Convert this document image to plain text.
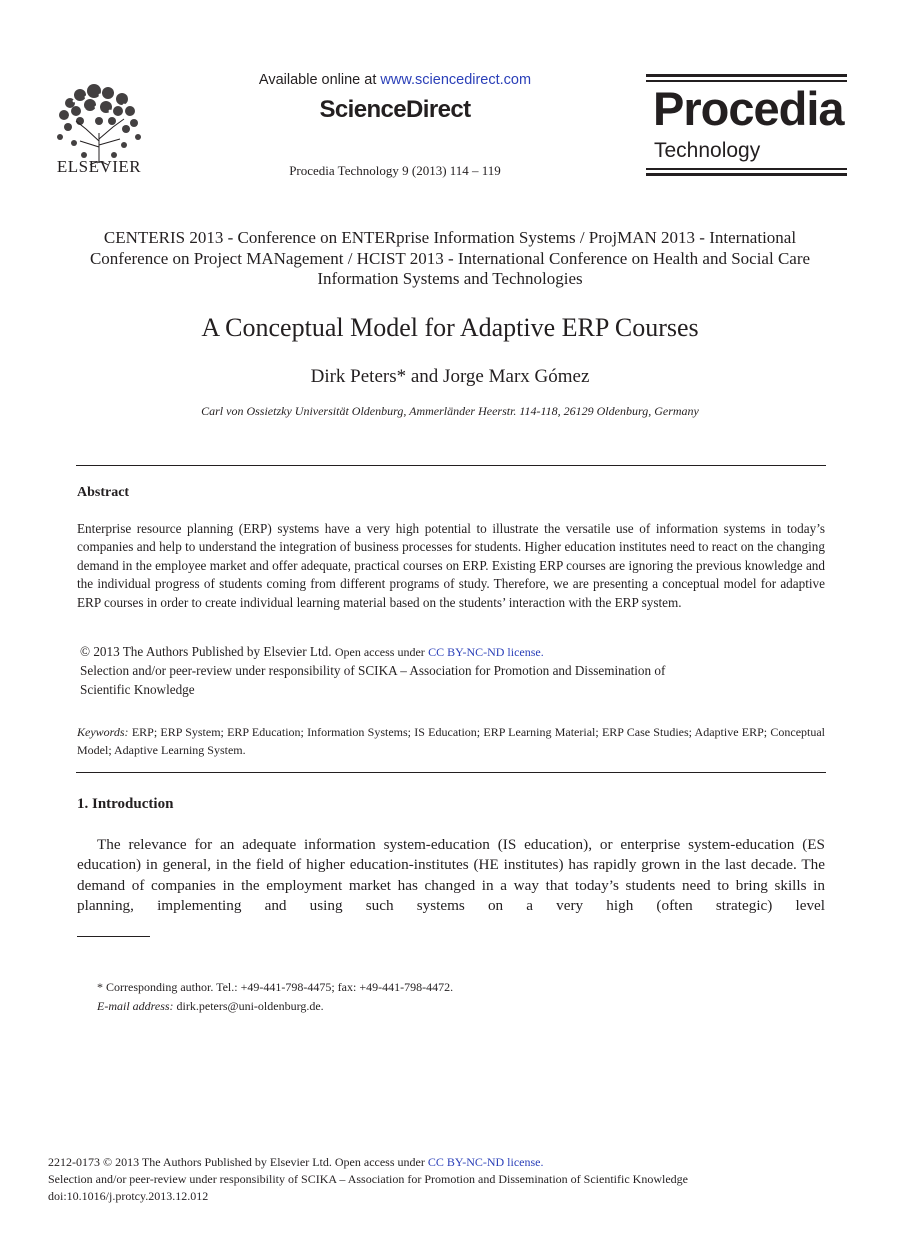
ELSEVIER
Available online at www.sciencedirect.com
ScienceDirect
Procedia Technology 9 (2013) 114 – 119
Procedia
Technology
CENTERIS 2013 - Conference on ENTERprise Information Systems / ProjMAN 2013 - International Conference on Project MANagement / HCIST 2013 - International Conference on Health and Social Care Information Systems and Technologies
A Conceptual Model for Adaptive ERP Courses
Dirk Peters* and Jorge Marx Gómez
Carl von Ossietzky Universität Oldenburg, Ammerländer Heerstr. 114-118, 26129 Oldenburg, Germany
Abstract
Enterprise resource planning (ERP) systems have a very high potential to illustrate the versatile use of information systems in today’s companies and help to understand the integration of business processes for students. Higher education institutes need to react on the changing demand in the employee market and offer adequate, practical courses on ERP. Existing ERP courses are ignoring the previous knowledge and the individual progress of students coming from different programs of study. Therefore, we are presenting a conceptual model for adaptive ERP courses in order to create individual learning material based on the students’ interaction with the ERP system.
© 2013 The Authors Published by Elsevier Ltd. Open access under CC BY-NC-ND license.
Selection and/or peer-review under responsibility of SCIKA – Association for Promotion and Dissemination of
Scientific Knowledge
Keywords: ERP; ERP System; ERP Education; Information Systems; IS Education; ERP Learning Material; ERP Case Studies; Adaptive ERP; Conceptual Model; Adaptive Learning System.
1. Introduction
The relevance for an adequate information system-education (IS education), or enterprise system-education (ES education) in general, in the field of higher education-institutes (HE institutes) has rapidly grown in the last decade. The demand of companies in the employment market has changed in a way that today’s students need to bring skills in planning, implementing and using such systems on a very high (often strategic) level
* Corresponding author. Tel.: +49-441-798-4475; fax: +49-441-798-4472.
E-mail address: dirk.peters@uni-oldenburg.de.
2212-0173 © 2013 The Authors Published by Elsevier Ltd. Open access under CC BY-NC-ND license.
Selection and/or peer-review under responsibility of SCIKA – Association for Promotion and Dissemination of Scientific Knowledge
doi:10.1016/j.protcy.2013.12.012
